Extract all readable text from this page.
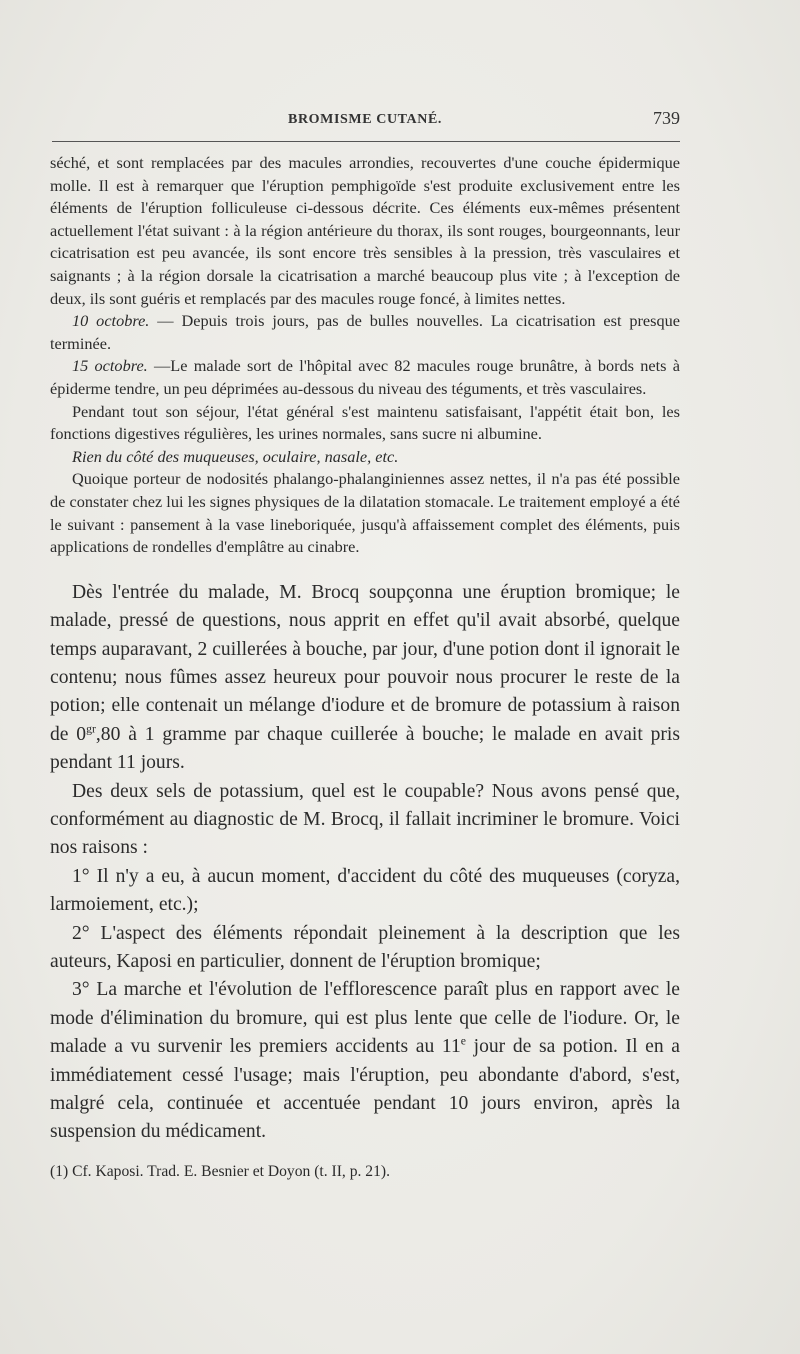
BROMISME CUTANÉ.	739

séché, et sont remplacées par des macules arrondies, recouvertes d'une couche épidermique molle. Il est à remarquer que l'éruption pemphigoïde s'est produite exclusivement entre les éléments de l'éruption folliculeuse ci-dessous décrite. Ces éléments eux-mêmes présentent actuellement l'état suivant : à la région antérieure du thorax, ils sont rouges, bourgeonnants, leur cicatrisation est peu avancée, ils sont encore très sensibles à la pression, très vasculaires et saignants ; à la région dorsale la cicatrisation a marché beaucoup plus vite ; à l'exception de deux, ils sont guéris et remplacés par des macules rouge foncé, à limites nettes.

10 octobre. — Depuis trois jours, pas de bulles nouvelles. La cicatrisation est presque terminée.

15 octobre. —Le malade sort de l'hôpital avec 82 macules rouge brunâtre, à bords nets à épiderme tendre, un peu déprimées au-dessous du niveau des téguments, et très vasculaires.

Pendant tout son séjour, l'état général s'est maintenu satisfaisant, l'appétit était bon, les fonctions digestives régulières, les urines normales, sans sucre ni albumine.

Rien du côté des muqueuses, oculaire, nasale, etc.

Quoique porteur de nodosités phalango-phalanginiennes assez nettes, il n'a pas été possible de constater chez lui les signes physiques de la dilatation stomacale. Le traitement employé a été le suivant : pansement à la vase lineboriquée, jusqu'à affaissement complet des éléments, puis applications de rondelles d'emplâtre au cinabre.

Dès l'entrée du malade, M. Brocq soupçonna une éruption bromique; le malade, pressé de questions, nous apprit en effet qu'il avait absorbé, quelque temps auparavant, 2 cuillerées à bouche, par jour, d'une potion dont il ignorait le contenu; nous fûmes assez heureux pour pouvoir nous procurer le reste de la potion; elle contenait un mélange d'iodure et de bromure de potassium à raison de $0^{gr},80$ à 1 gramme par chaque cuillerée à bouche; le malade en avait pris pendant 11 jours.

Des deux sels de potassium, quel est le coupable? Nous avons pensé que, conformément au diagnostic de M. Brocq, il fallait incriminer le bromure. Voici nos raisons :

1° Il n'y a eu, à aucun moment, d'accident du côté des muqueuses (coryza, larmoiement, etc.);

2° L'aspect des éléments répondait pleinement à la description que les auteurs, Kaposi en particulier, donnent de l'éruption bromique;

3° La marche et l'évolution de l'efflorescence paraît plus en rapport avec le mode d'élimination du bromure, qui est plus lente que celle de l'iodure. Or, le malade a vu survenir les premiers accidents au 11e jour de sa potion. Il en a immédiatement cessé l'usage; mais l'éruption, peu abondante d'abord, s'est, malgré cela, continuée et accentuée pendant 10 jours environ, après la suspension du médicament.

(1) Cf. Kaposi. Trad. E. Besnier et Doyon (t. II, p. 21).
